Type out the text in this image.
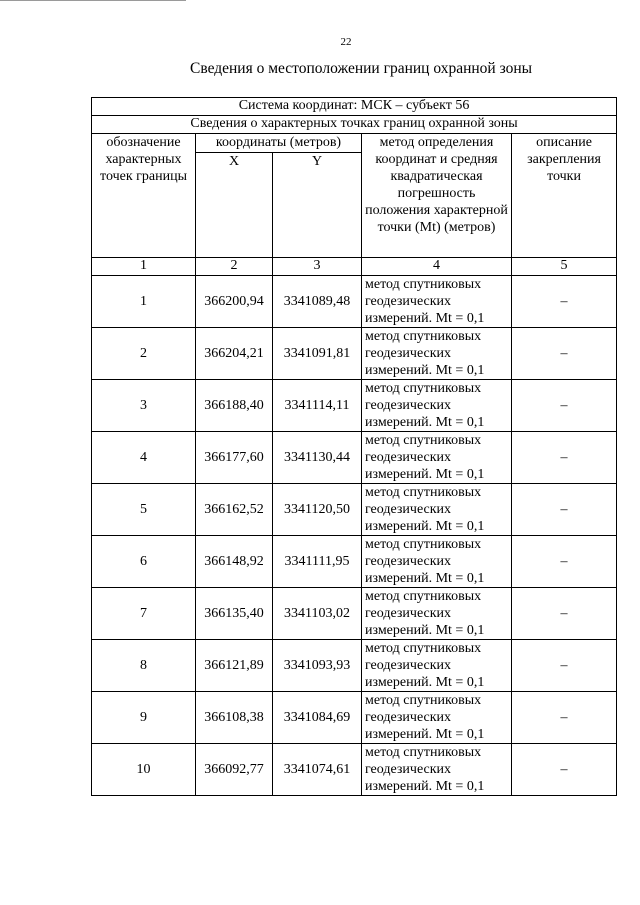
22
Сведения о местоположении границ охранной зоны
Система координат: МСК – субъект 56				
Сведения о характерных точках границ охранной зоны				
обозначение характерных точек границы	координаты (метров)		метод определения координат и средняя квадратическая погрешность положения характерной точки (Mt) (метров)	описание закрепления точки
	X	Y		
1	2	3	4	5
1	366200,94	3341089,48	метод спутниковых геодезических измерений. Mt = 0,1	–
2	366204,21	3341091,81	метод спутниковых геодезических измерений. Mt = 0,1	–
3	366188,40	3341114,11	метод спутниковых геодезических измерений. Mt = 0,1	–
4	366177,60	3341130,44	метод спутниковых геодезических измерений. Mt = 0,1	–
5	366162,52	3341120,50	метод спутниковых геодезических измерений. Mt = 0,1	–
6	366148,92	3341111,95	метод спутниковых геодезических измерений. Mt = 0,1	–
7	366135,40	3341103,02	метод спутниковых геодезических измерений. Mt = 0,1	–
8	366121,89	3341093,93	метод спутниковых геодезических измерений. Mt = 0,1	–
9	366108,38	3341084,69	метод спутниковых геодезических измерений. Mt = 0,1	–
10	366092,77	3341074,61	метод спутниковых геодезических измерений. Mt = 0,1	–
